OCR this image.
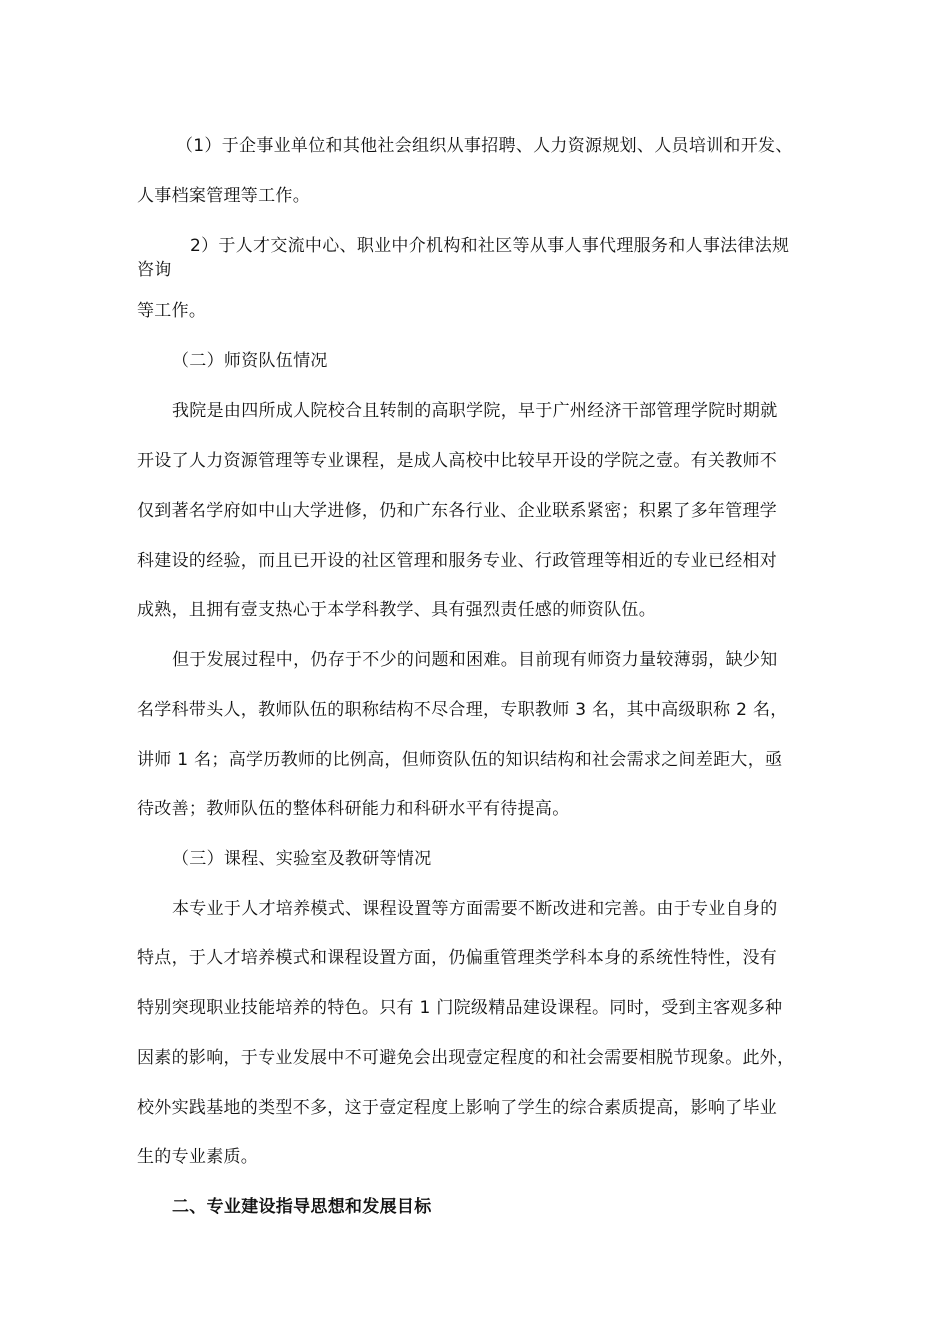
（1）于企事业单位和其他社会组织从事招聘、人力资源规划、人员培训和开发、
人事档案管理等工作。
2）于人才交流中心、职业中介机构和社区等从事人事代理服务和人事法律法规
咨询
等工作。
（二）师资队伍情况
我院是由四所成人院校合且转制的高职学院，早于广州经济干部管理学院时期就
开设了人力资源管理等专业课程，是成人高校中比较早开设的学院之壹。有关教师不
仅到著名学府如中山大学进修，仍和广东各行业、企业联系紧密；积累了多年管理学
科建设的经验，而且已开设的社区管理和服务专业、行政管理等相近的专业已经相对
成熟，且拥有壹支热心于本学科教学、具有强烈责任感的师资队伍。
但于发展过程中，仍存于不少的问题和困难。目前现有师资力量较薄弱，缺少知
名学科带头人，教师队伍的职称结构不尽合理，专职教师 3 名，其中高级职称 2 名，
讲师 1 名；高学历教师的比例高，但师资队伍的知识结构和社会需求之间差距大，亟
待改善；教师队伍的整体科研能力和科研水平有待提高。
（三）课程、实验室及教研等情况
本专业于人才培养模式、课程设置等方面需要不断改进和完善。由于专业自身的
特点，于人才培养模式和课程设置方面，仍偏重管理类学科本身的系统性特性，没有
特别突现职业技能培养的特色。只有 1 门院级精品建设课程。同时，受到主客观多种
因素的影响，于专业发展中不可避免会出现壹定程度的和社会需要相脱节现象。此外，
校外实践基地的类型不多，这于壹定程度上影响了学生的综合素质提高，影响了毕业
生的专业素质。
二、专业建设指导思想和发展目标
